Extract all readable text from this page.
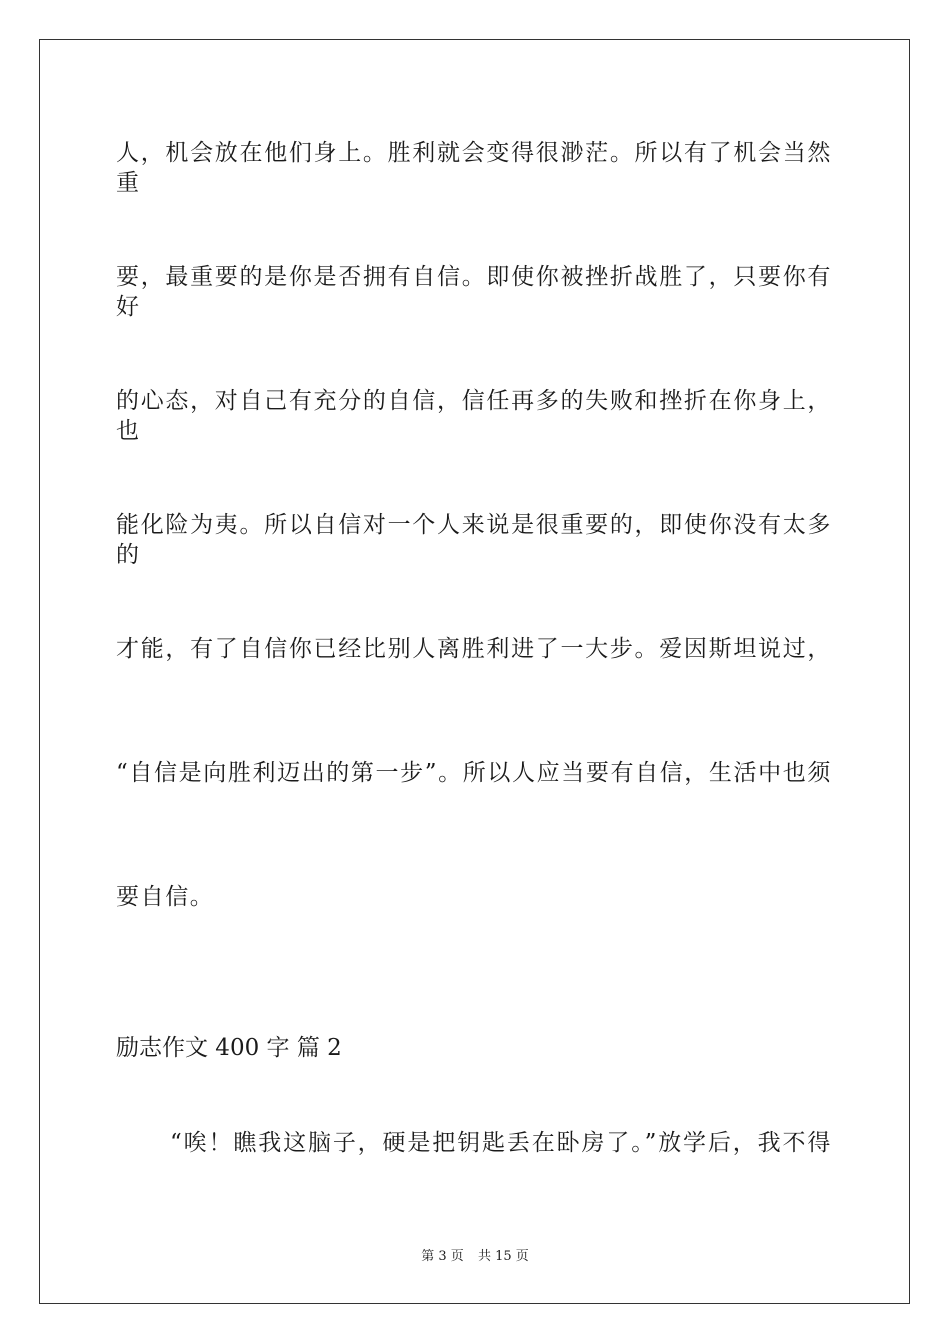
人，机会放在他们身上。胜利就会变得很渺茫。所以有了机会当然重
要，最重要的是你是否拥有自信。即使你被挫折战胜了，只要你有好
的心态，对自己有充分的自信，信任再多的失败和挫折在你身上，也
能化险为夷。所以自信对一个人来说是很重要的，即使你没有太多的
才能，有了自信你已经比别人离胜利进了一大步。爱因斯坦说过，
“自信是向胜利迈出的第一步”。所以人应当要有自信，生活中也须
要自信。
励志作文 400 字 篇 2
“唉！瞧我这脑子，硬是把钥匙丢在卧房了。”放学后，我不得
第 3 页 共 15 页
